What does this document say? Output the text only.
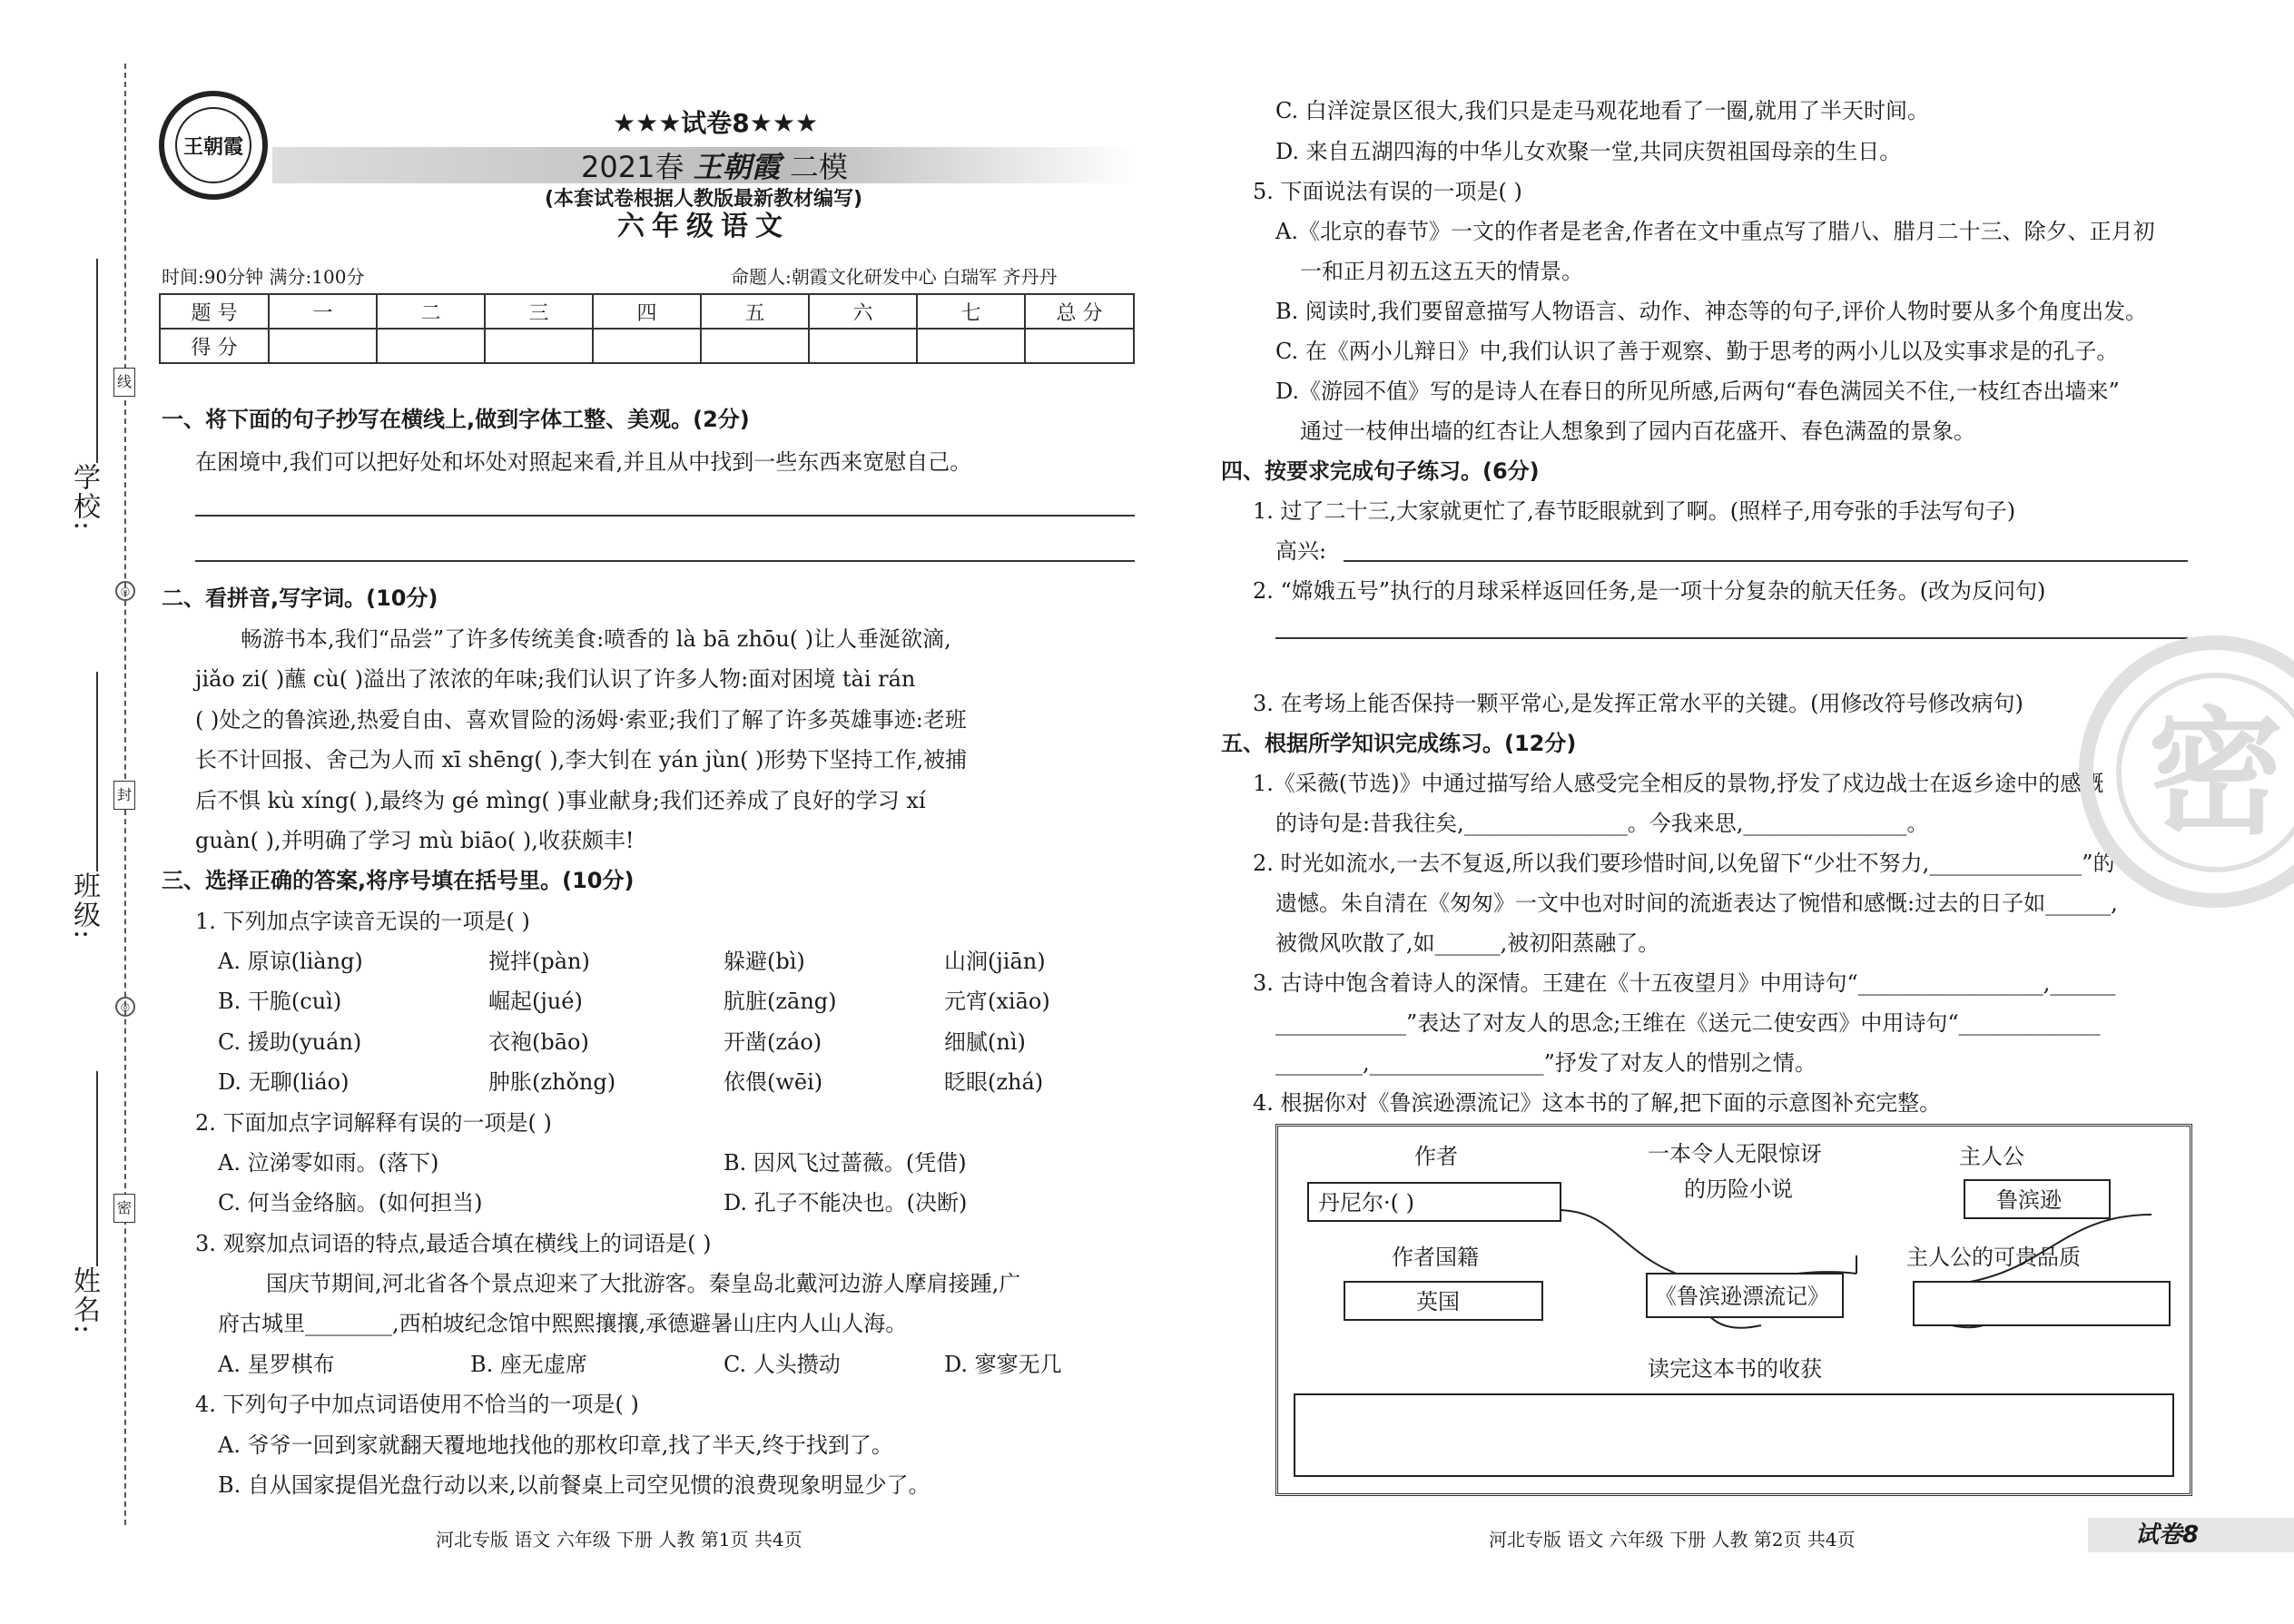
学校:
班级:
姓名:
线
封
密
◎
◎
王朝霞
★★★试卷8★★★
2021春 王朝霞 二模
(本套试卷根据人教版最新教材编写)
六年级语文
时间:90分钟 满分:100分	命题人:朝霞文化研发中心 白瑞军 齐丹丹
题 号	一	二	三	四	五	六	七	总 分
得 分								
一、将下面的句子抄写在横线上,做到字体工整、美观。(2分)
在困境中,我们可以把好处和坏处对照起来看,并且从中找到一些东西来宽慰自己。
二、看拼音,写字词。(10分)
畅游书本,我们“品尝”了许多传统美食:喷香的 là bā zhōu( )让人垂涎欲滴,
jiǎo zi( )蘸 cù( )溢出了浓浓的年味;我们认识了许多人物:面对困境 tài rán
( )处之的鲁滨逊,热爱自由、喜欢冒险的汤姆·索亚;我们了解了许多英雄事迹:老班
长不计回报、舍己为人而 xī shēng( ),李大钊在 yán jùn( )形势下坚持工作,被捕
后不惧 kù xíng( ),最终为 gé mìng( )事业献身;我们还养成了良好的学习 xí
guàn( ),并明确了学习 mù biāo( ),收获颇丰!
三、选择正确的答案,将序号填在括号里。(10分)
1. 下列加点字读音无误的一项是( )
A. 原谅(liàng)	搅拌(pàn)	躲避(bì)	山涧(jiān)
B. 干脆(cuì)	崛起(jué)	肮脏(zāng)	元宵(xiāo)
C. 援助(yuán)	衣袍(bāo)	开凿(záo)	细腻(nì)
D. 无聊(liáo)	肿胀(zhǒng)	依偎(wēi)	眨眼(zhá)
2. 下面加点字词解释有误的一项是( )
A. 泣涕零如雨。(落下)	B. 因风飞过蔷薇。(凭借)
C. 何当金络脑。(如何担当)	D. 孔子不能决也。(决断)
3. 观察加点词语的特点,最适合填在横线上的词语是( )
国庆节期间,河北省各个景点迎来了大批游客。秦皇岛北戴河边游人摩肩接踵,广
府古城里________,西柏坡纪念馆中熙熙攘攘,承德避暑山庄内人山人海。
A. 星罗棋布	B. 座无虚席	C. 人头攒动	D. 寥寥无几
4. 下列句子中加点词语使用不恰当的一项是( )
A. 爷爷一回到家就翻天覆地地找他的那枚印章,找了半天,终于找到了。
B. 自从国家提倡光盘行动以来,以前餐桌上司空见惯的浪费现象明显少了。
河北专版 语文 六年级 下册 人教 第1页 共4页
C. 白洋淀景区很大,我们只是走马观花地看了一圈,就用了半天时间。
D. 来自五湖四海的中华儿女欢聚一堂,共同庆贺祖国母亲的生日。
5. 下面说法有误的一项是( )
A.《北京的春节》一文的作者是老舍,作者在文中重点写了腊八、腊月二十三、除夕、正月初
一和正月初五这五天的情景。
B. 阅读时,我们要留意描写人物语言、动作、神态等的句子,评价人物时要从多个角度出发。
C. 在《两小儿辩日》中,我们认识了善于观察、勤于思考的两小儿以及实事求是的孔子。
D.《游园不值》写的是诗人在春日的所见所感,后两句“春色满园关不住,一枝红杏出墙来”
通过一枝伸出墙的红杏让人想象到了园内百花盛开、春色满盈的景象。
四、按要求完成句子练习。(6分)
1. 过了二十三,大家就更忙了,春节眨眼就到了啊。(照样子,用夸张的手法写句子)
高兴:
2. “嫦娥五号”执行的月球采样返回任务,是一项十分复杂的航天任务。(改为反问句)
3. 在考场上能否保持一颗平常心,是发挥正常水平的关键。(用修改符号修改病句)
五、根据所学知识完成练习。(12分)
1.《采薇(节选)》中通过描写给人感受完全相反的景物,抒发了戍边战士在返乡途中的感慨
的诗句是:昔我往矣,_______________。今我来思,_______________。
2. 时光如流水,一去不复返,所以我们要珍惜时间,以免留下“少壮不努力,______________”的
遗憾。朱自清在《匆匆》一文中也对时间的流逝表达了惋惜和感慨:过去的日子如______,
被微风吹散了,如______,被初阳蒸融了。
3. 古诗中饱含着诗人的深情。王建在《十五夜望月》中用诗句“_________________,______
____________”表达了对友人的思念;王维在《送元二使安西》中用诗句“_____________
________,________________”抒发了对友人的惜别之情。
4. 根据你对《鲁滨逊漂流记》这本书的了解,把下面的示意图补充完整。
作者
丹尼尔·( )
一本令人无限惊讶
的历险小说
主人公
鲁滨逊
作者国籍
英国	《鲁滨逊漂流记》
主人公的可贵品质
读完这本书的收获
密
河北专版 语文 六年级 下册 人教 第2页 共4页	试卷8
